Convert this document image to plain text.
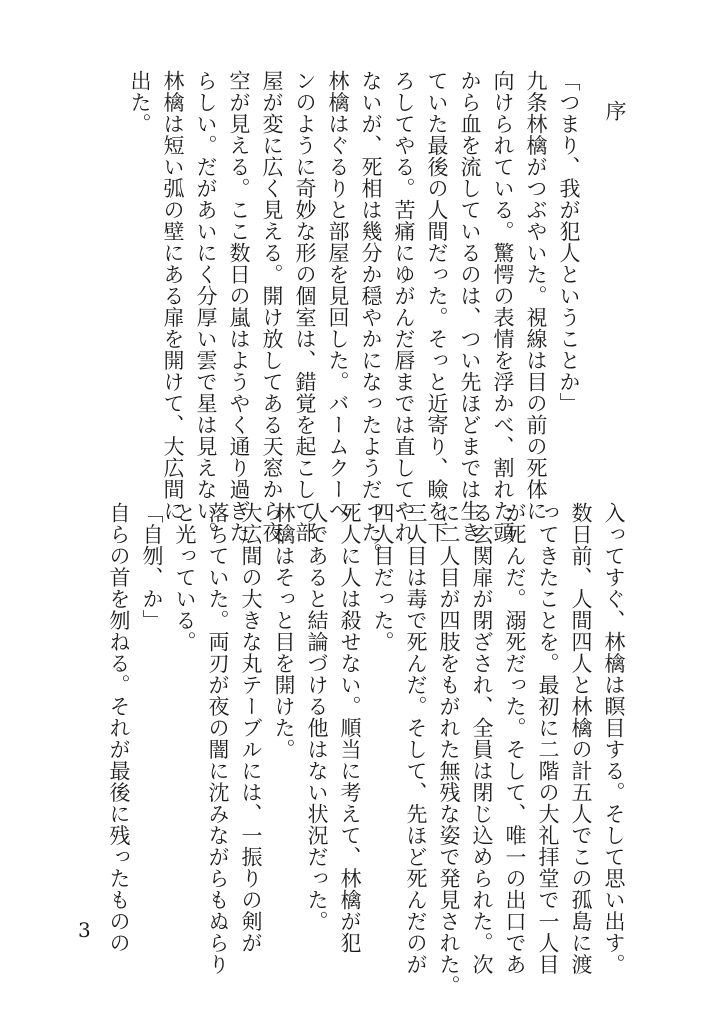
序
「つまり、我が犯人ということか」
九条林檎がつぶやいた。視線は目の前の死体に
向けられている。驚愕の表情を浮かべ、割れた頭
から血を流しているのは、つい先ほどまでは生き
ていた最後の人間だった。そっと近寄り、瞼を下
ろしてやる。苦痛にゆがんだ唇までは直してやれ
ないが、死相は幾分か穏やかになったようだった。
林檎はぐるりと部屋を見回した。バームクーヘ
ンのように奇妙な形の個室は、錯覚を起こして部
屋が変に広く見える。開け放してある天窓から夜
空が見える。ここ数日の嵐はようやく通り過ぎた
らしい。だがあいにく分厚い雲で星は見えない。
林檎は短い弧の壁にある扉を開けて、大広間に
出た。
入ってすぐ、林檎は瞑目する。そして思い出す。
数日前、人間四人と林檎の計五人でこの孤島に渡
ってきたことを。最初に二階の大礼拝堂で一人目
が死んだ。溺死だった。そして、唯一の出口であ
る玄関扉が閉ざされ、全員は閉じ込められた。次
に二人目が四肢をもがれた無残な姿で発見された。
三人目は毒で死んだ。そして、先ほど死んだのが
四人目だった。
死人に人は殺せない。順当に考えて、林檎が犯
人であると結論づける他はない状況だった。
林檎はそっと目を開けた。
大広間の大きな丸テーブルには、一振りの剣が
落ちていた。両刃が夜の闇に沈みながらもぬらり
と光っている。
「自刎、か」
自らの首を刎ねる。それが最後に残ったものの
3
